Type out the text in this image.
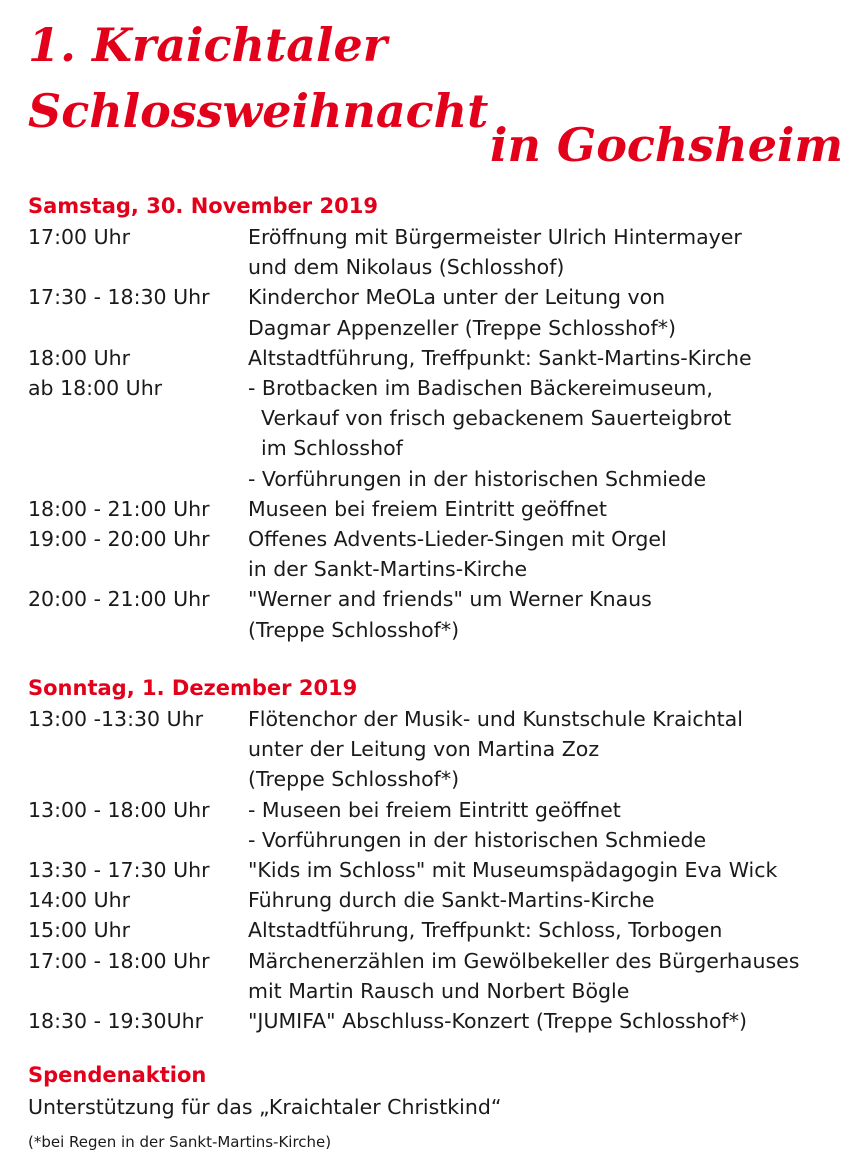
1. Kraichtaler
Schlossweihnacht
in Gochsheim
Samstag, 30. November 2019
17:00 Uhr	Eröffnung mit Bürgermeister Ulrich Hintermayer
und dem Nikolaus (Schlosshof)
17:30 - 18:30 Uhr	Kinderchor MeOLa unter der Leitung von
Dagmar Appenzeller (Treppe Schlosshof*)
18:00 Uhr	Altstadtführung, Treffpunkt: Sankt-Martins-Kirche
ab 18:00 Uhr	- Brotbacken im Badischen Bäckereimuseum,
Verkauf von frisch gebackenem Sauerteigbrot
im Schlosshof
- Vorführungen in der historischen Schmiede
18:00 - 21:00 Uhr	Museen bei freiem Eintritt geöffnet
19:00 - 20:00 Uhr	Offenes Advents-Lieder-Singen mit Orgel
in der Sankt-Martins-Kirche
20:00 - 21:00 Uhr	"Werner and friends" um Werner Knaus
(Treppe Schlosshof*)
Sonntag, 1. Dezember 2019
13:00 -13:30 Uhr	Flötenchor der Musik- und Kunstschule Kraichtal
unter der Leitung von Martina Zoz
(Treppe Schlosshof*)
13:00 - 18:00 Uhr	- Museen bei freiem Eintritt geöffnet
- Vorführungen in der historischen Schmiede
13:30 - 17:30 Uhr	"Kids im Schloss" mit Museumspädagogin Eva Wick
14:00 Uhr	Führung durch die Sankt-Martins-Kirche
15:00 Uhr	Altstadtführung, Treffpunkt: Schloss, Torbogen
17:00 - 18:00 Uhr	Märchenerzählen im Gewölbekeller des Bürgerhauses
mit Martin Rausch und Norbert Bögle
18:30 - 19:30Uhr	"JUMIFA" Abschluss-Konzert (Treppe Schlosshof*)
Spendenaktion
Unterstützung für das „Kraichtaler Christkind“
(*bei Regen in der Sankt-Martins-Kirche)
